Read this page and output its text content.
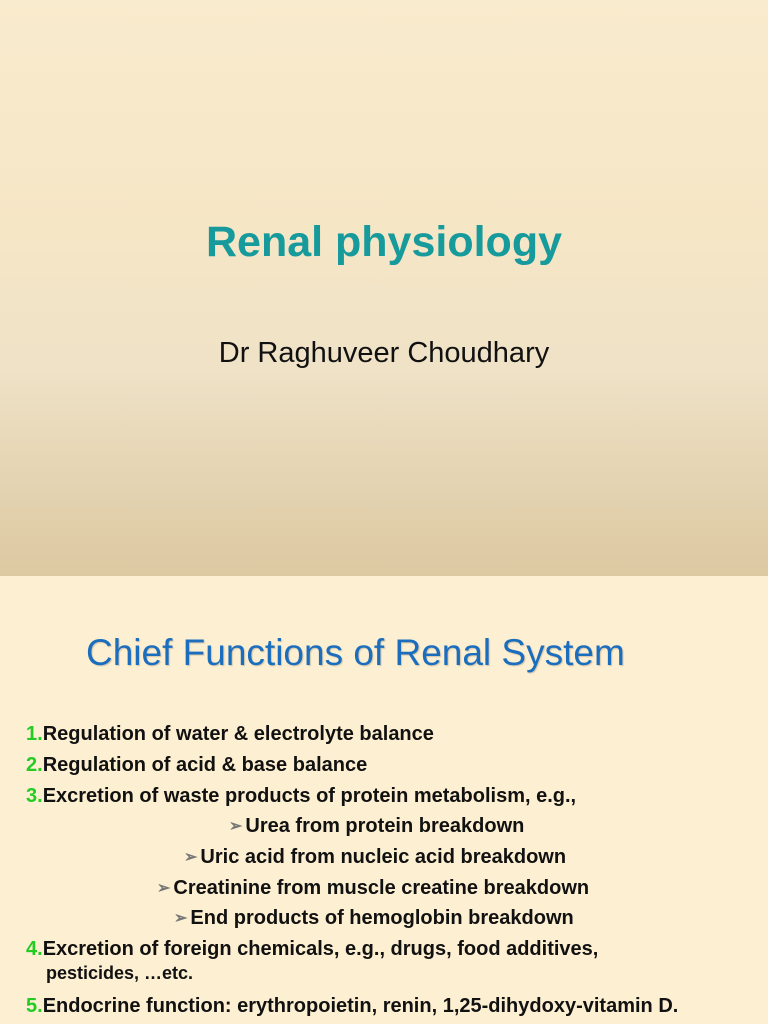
Renal physiology
Dr Raghuveer Choudhary
Chief Functions of Renal System
1.Regulation of water & electrolyte balance
2.Regulation of acid & base balance
3.Excretion of waste products of protein metabolism, e.g.,
➢ Urea from protein breakdown
➢ Uric acid from nucleic acid breakdown
➢ Creatinine from muscle creatine breakdown
➢ End products of hemoglobin breakdown
4.Excretion of foreign chemicals, e.g., drugs, food additives,
pesticides, …etc.
5.Endocrine function: erythropoietin, renin, 1,25-dihydoxy-vitamin D.
